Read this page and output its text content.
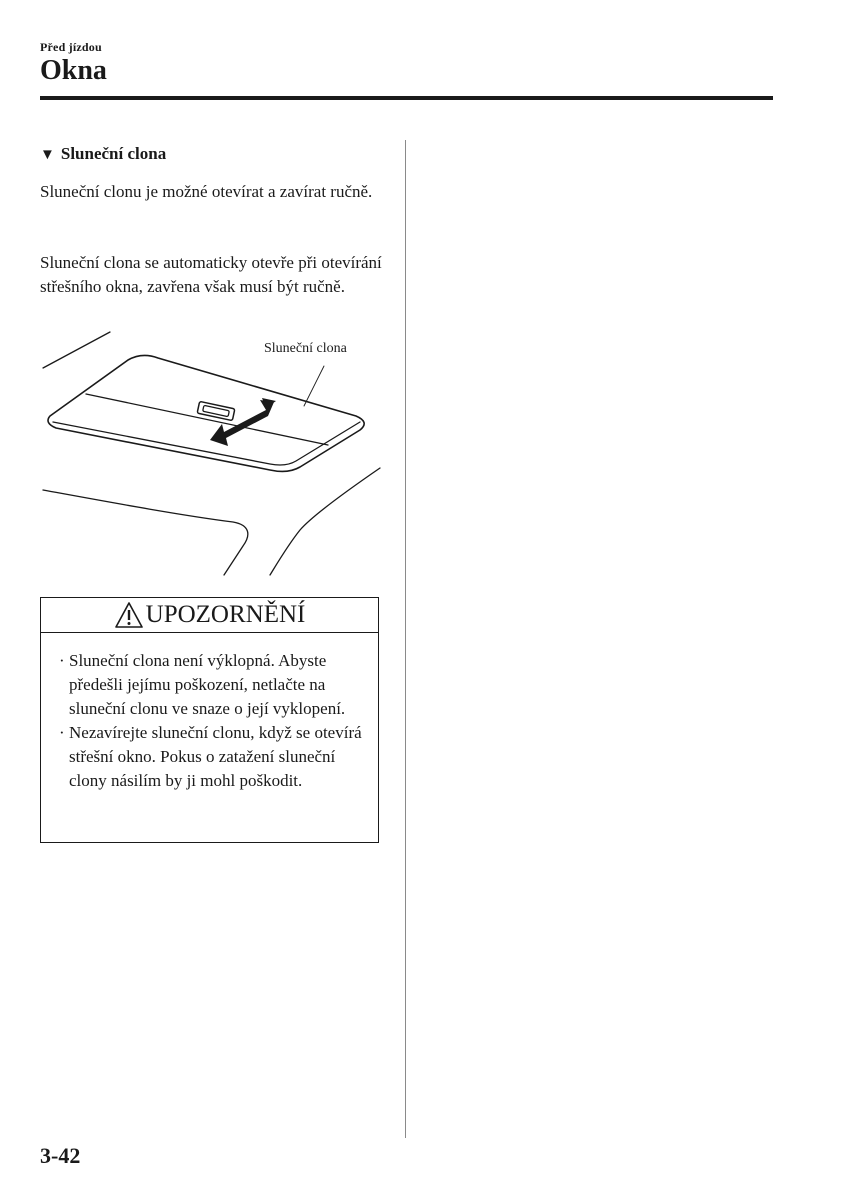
Před jízdou
Okna
▼ Sluneční clona

Sluneční clonu je možné otevírat a zavírat ručně.

Sluneční clona se automaticky otevře při otevírání střešního okna, zavřena však musí být ručně.

Sluneční clona
UPOZORNĚNÍ
· Sluneční clona není výklopná. Abyste předešli jejímu poškození, netlačte na sluneční clonu ve snaze o její vyklopení.
· Nezavírejte sluneční clonu, když se otevírá střešní okno. Pokus o zatažení sluneční clony násilím by ji mohl poškodit.
3-42
